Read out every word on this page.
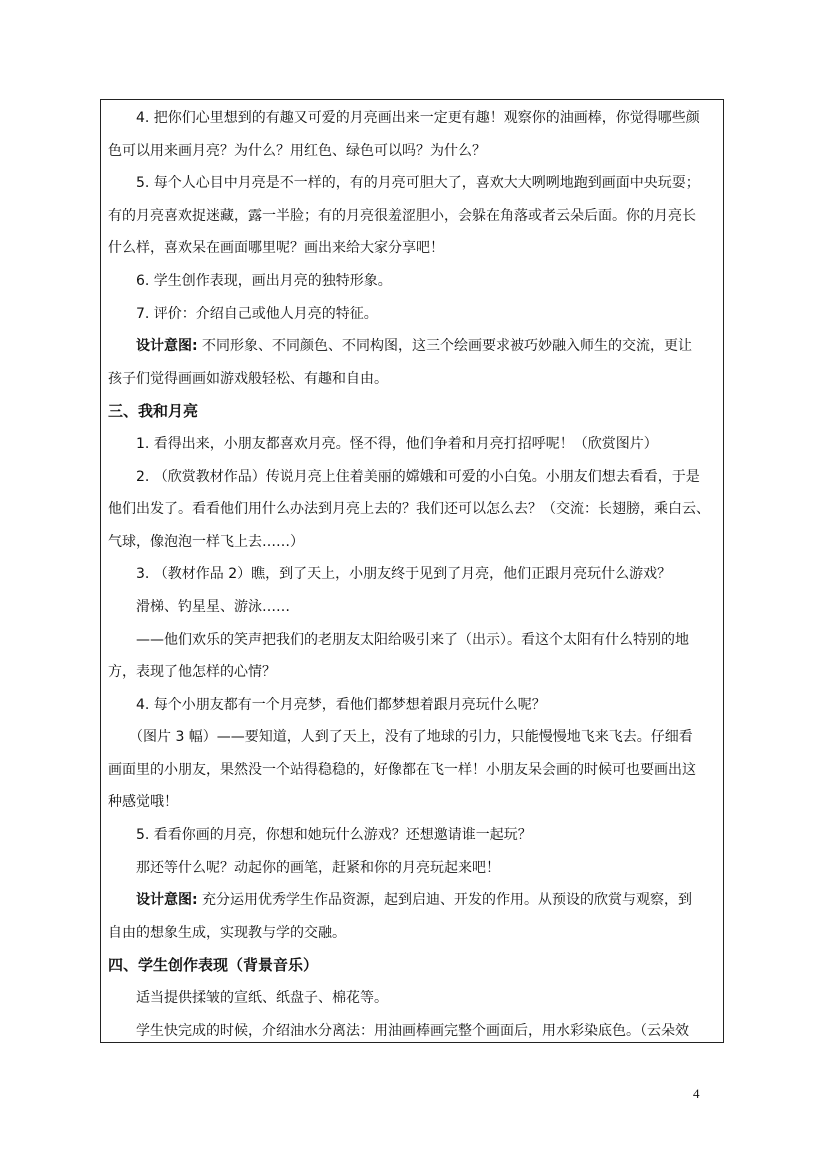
4. 把你们心里想到的有趣又可爱的月亮画出来一定更有趣！观察你的油画棒，你觉得哪些颜
色可以用来画月亮？为什么？用红色、绿色可以吗？为什么？
5. 每个人心目中月亮是不一样的，有的月亮可胆大了，喜欢大大咧咧地跑到画面中央玩耍；
有的月亮喜欢捉迷藏，露一半脸；有的月亮很羞涩胆小，会躲在角落或者云朵后面。你的月亮长
什么样，喜欢呆在画面哪里呢？画出来给大家分享吧！
6. 学生创作表现，画出月亮的独特形象。
7. 评价：介绍自己或他人月亮的特征。
设计意图: 不同形象、不同颜色、不同构图，这三个绘画要求被巧妙融入师生的交流，更让
孩子们觉得画画如游戏般轻松、有趣和自由。
三、我和月亮
1. 看得出来，小朋友都喜欢月亮。怪不得，他们争着和月亮打招呼呢！（欣赏图片）
2. （欣赏教材作品）传说月亮上住着美丽的嫦娥和可爱的小白兔。小朋友们想去看看，于是
他们出发了。看看他们用什么办法到月亮上去的？我们还可以怎么去？（交流：长翅膀，乘白云、
气球，像泡泡一样飞上去……）
3. （教材作品 2）瞧，到了天上，小朋友终于见到了月亮，他们正跟月亮玩什么游戏？
滑梯、钓星星、游泳……
——他们欢乐的笑声把我们的老朋友太阳给吸引来了（出示）。看这个太阳有什么特别的地
方，表现了他怎样的心情？
4. 每个小朋友都有一个月亮梦，看他们都梦想着跟月亮玩什么呢？
（图片 3 幅）——要知道，人到了天上，没有了地球的引力，只能慢慢地飞来飞去。仔细看
画面里的小朋友，果然没一个站得稳稳的，好像都在飞一样！小朋友呆会画的时候可也要画出这
种感觉哦！
5. 看看你画的月亮，你想和她玩什么游戏？还想邀请谁一起玩？
那还等什么呢？动起你的画笔，赶紧和你的月亮玩起来吧！
设计意图: 充分运用优秀学生作品资源，起到启迪、开发的作用。从预设的欣赏与观察，到
自由的想象生成，实现教与学的交融。
四、学生创作表现（背景音乐）
适当提供揉皱的宣纸、纸盘子、棉花等。
学生快完成的时候，介绍油水分离法：用油画棒画完整个画面后，用水彩染底色。（云朵效
4
